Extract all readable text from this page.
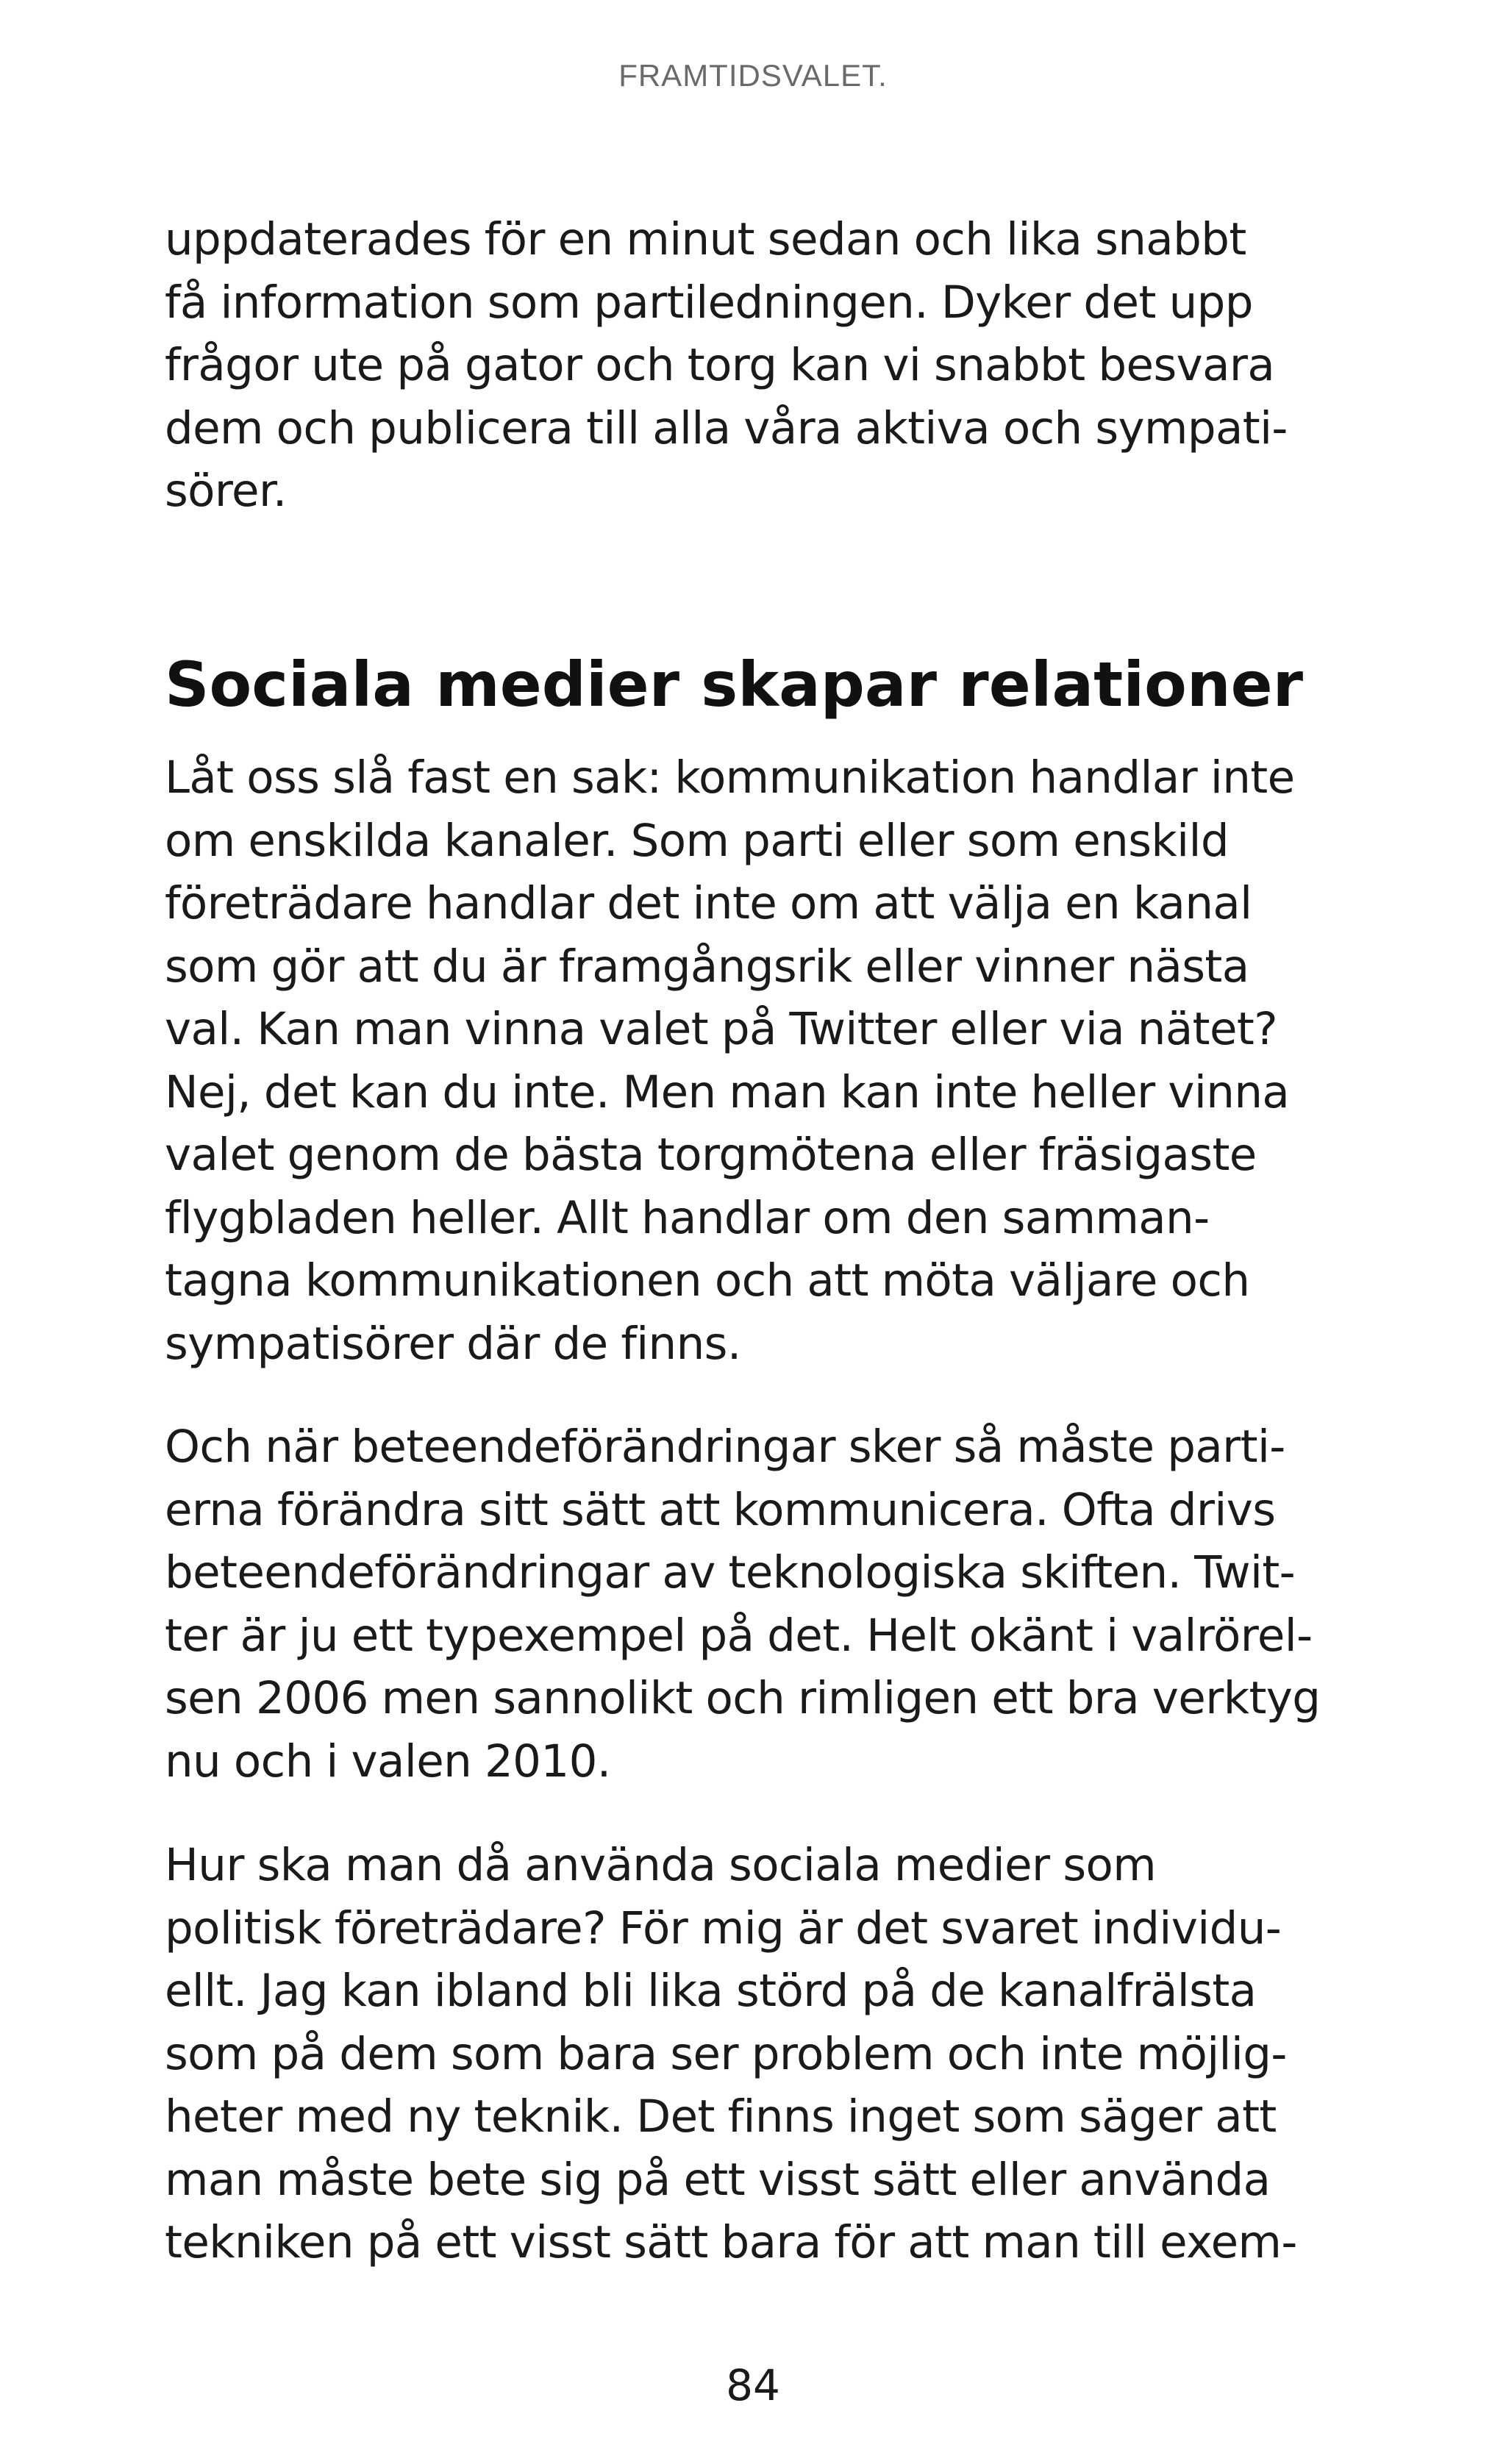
FRAMTIDSVALET.
uppdaterades för en minut sedan och lika snabbt
få information som partiledningen. Dyker det upp
frågor ute på gator och torg kan vi snabbt besvara
dem och publicera till alla våra aktiva och sympati-
sörer.
Sociala medier skapar relationer
Låt oss slå fast en sak: kommunikation handlar inte
om enskilda kanaler. Som parti eller som enskild
företrädare handlar det inte om att välja en kanal
som gör att du är framgångsrik eller vinner nästa
val. Kan man vinna valet på Twitter eller via nätet?
Nej, det kan du inte. Men man kan inte heller vinna
valet genom de bästa torgmötena eller fräsigaste
flygbladen heller. Allt handlar om den samman-
tagna kommunikationen och att möta väljare och
sympatisörer där de finns.
Och när beteendeförändringar sker så måste parti-
erna förändra sitt sätt att kommunicera. Ofta drivs
beteendeförändringar av teknologiska skiften. Twit-
ter är ju ett typexempel på det. Helt okänt i valrörel-
sen 2006 men sannolikt och rimligen ett bra verktyg
nu och i valen 2010.
Hur ska man då använda sociala medier som
politisk företrädare? För mig är det svaret individu-
ellt. Jag kan ibland bli lika störd på de kanalfrälsta
som på dem som bara ser problem och inte möjlig-
heter med ny teknik. Det finns inget som säger att
man måste bete sig på ett visst sätt eller använda
tekniken på ett visst sätt bara för att man till exem-
84
